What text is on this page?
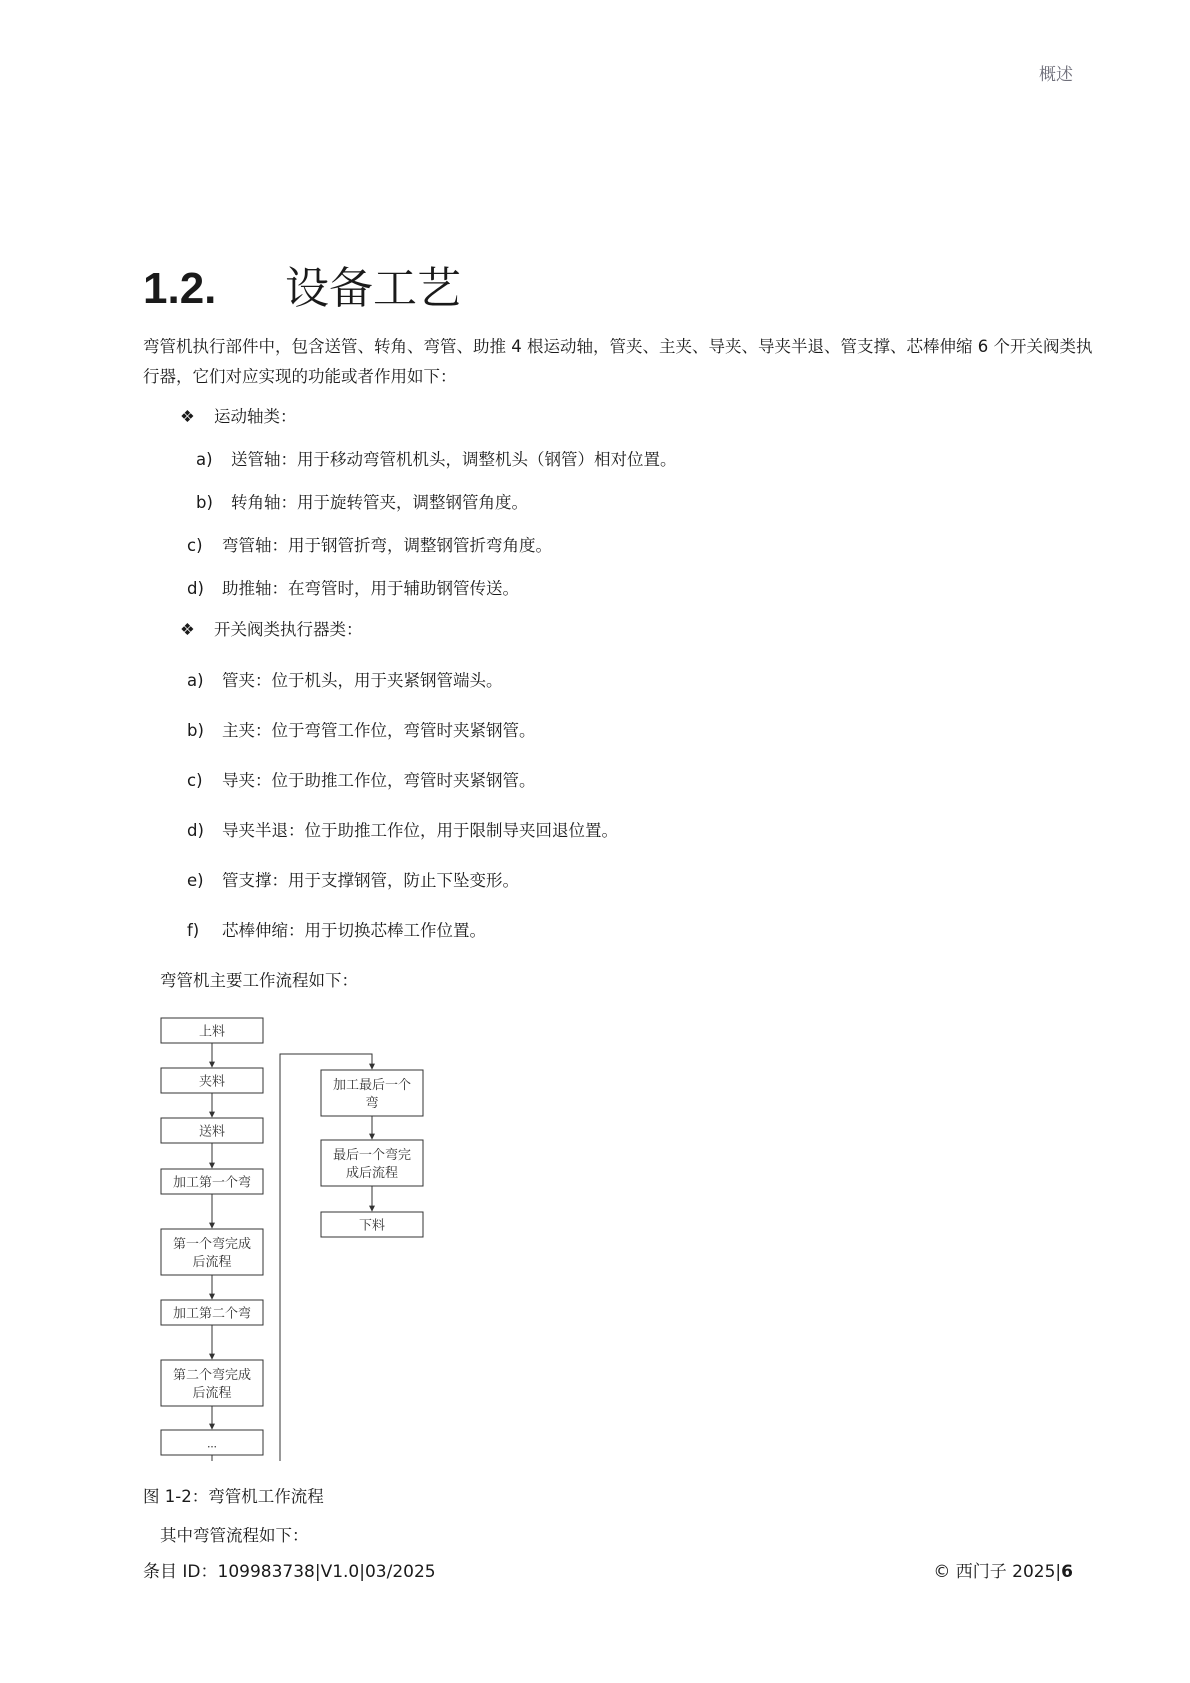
概述
1.2.	设备工艺

弯管机执行部件中，包含送管、转角、弯管、助推 4 根运动轴，管夹、主夹、导夹、导夹半退、管支撑、芯棒伸缩 6 个开关阀类执行器，它们对应实现的功能或者作用如下：

❖ 运动轴类：
a) 送管轴：用于移动弯管机机头，调整机头（钢管）相对位置。
b) 转角轴：用于旋转管夹，调整钢管角度。
c) 弯管轴：用于钢管折弯，调整钢管折弯角度。
d) 助推轴：在弯管时，用于辅助钢管传送。
❖ 开关阀类执行器类：
a) 管夹：位于机头，用于夹紧钢管端头。
b) 主夹：位于弯管工作位，弯管时夹紧钢管。
c) 导夹：位于助推工作位，弯管时夹紧钢管。
d) 导夹半退：位于助推工作位，用于限制导夹回退位置。
e) 管支撑：用于支撑钢管，防止下坠变形。
f) 芯棒伸缩：用于切换芯棒工作位置。
弯管机主要工作流程如下：
上料
夹料
送料
加工第一个弯
第一个弯完成
后流程
加工第二个弯
第二个弯完成
后流程
...
加工最后一个
弯
最后一个弯完
成后流程
下料
图 1-2：弯管机工作流程
其中弯管流程如下：
条目 ID：109983738|V1.0|03/2025	© 西门子 2025|6
